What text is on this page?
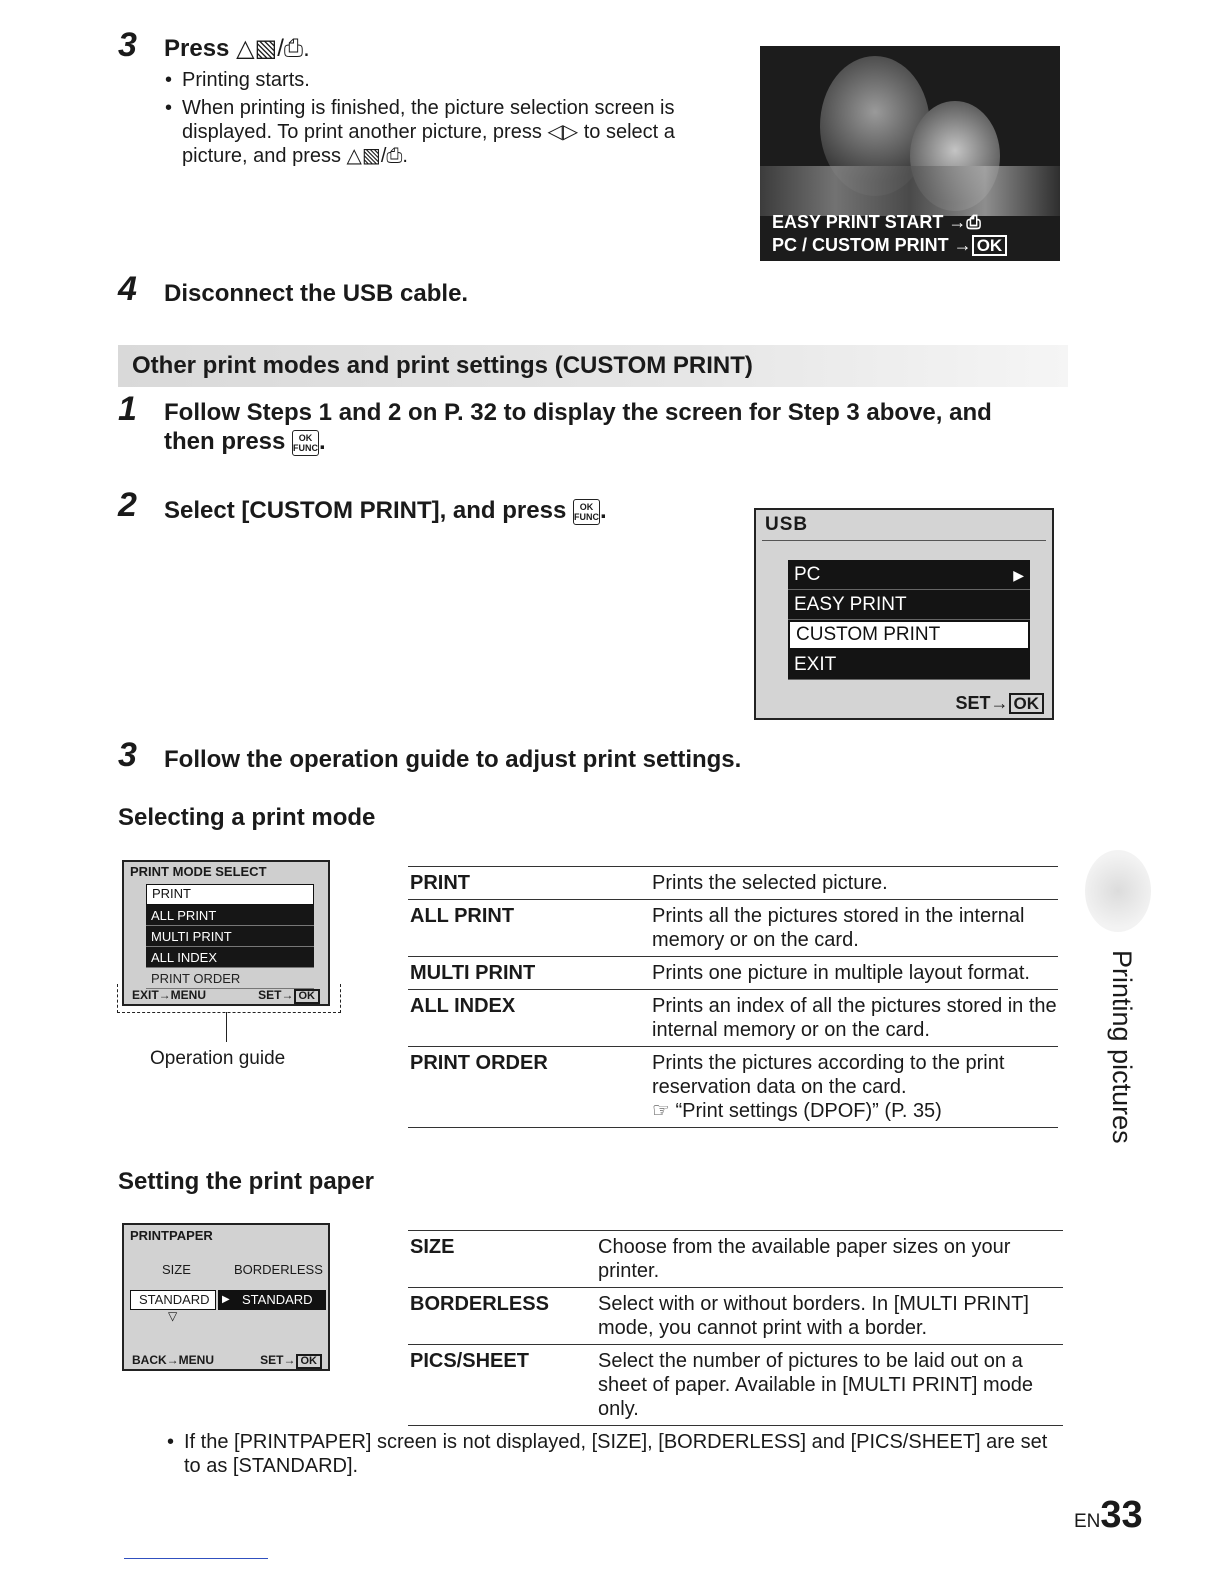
3 Press △▧/⎙.
• Printing starts.
• When printing is finished, the picture selection screen is displayed. To print another picture, press ◁▷ to select a picture, and press △▧/⎙.
EASY PRINT START →⎙
PC / CUSTOM PRINT → OK
4 Disconnect the USB cable.
Other print modes and print settings (CUSTOM PRINT)
1 Follow Steps 1 and 2 on P. 32 to display the screen for Step 3 above, and
then press OK
FUNC.
2 Select [CUSTOM PRINT], and press OK
FUNC.
USB
PC	▶
EASY PRINT
CUSTOM PRINT
EXIT
SET→ OK
3 Follow the operation guide to adjust print settings.
Selecting a print mode
PRINT MODE SELECT
PRINT
ALL PRINT
MULTI PRINT
ALL INDEX
PRINT ORDER
EXIT→MENU	SET→ OK
Operation guide
PRINT	Prints the selected picture.
ALL PRINT	Prints all the pictures stored in the internal memory or on the card.
MULTI PRINT	Prints one picture in multiple layout format.
ALL INDEX	Prints an index of all the pictures stored in the internal memory or on the card.
PRINT ORDER	Prints the pictures according to the print reservation data on the card.
☞ “Print settings (DPOF)” (P. 35)
Setting the print paper
PRINTPAPER
SIZE	BORDERLESS
STANDARD	▶ STANDARD
▽
BACK→MENU	SET→ OK
SIZE	Choose from the available paper sizes on your printer.
BORDERLESS	Select with or without borders. In [MULTI PRINT] mode, you cannot print with a border.
PICS/SHEET	Select the number of pictures to be laid out on a sheet of paper. Available in [MULTI PRINT] mode only.
• If the [PRINTPAPER] screen is not displayed, [SIZE], [BORDERLESS] and [PICS/SHEET] are set to as [STANDARD].
Printing pictures
EN33
